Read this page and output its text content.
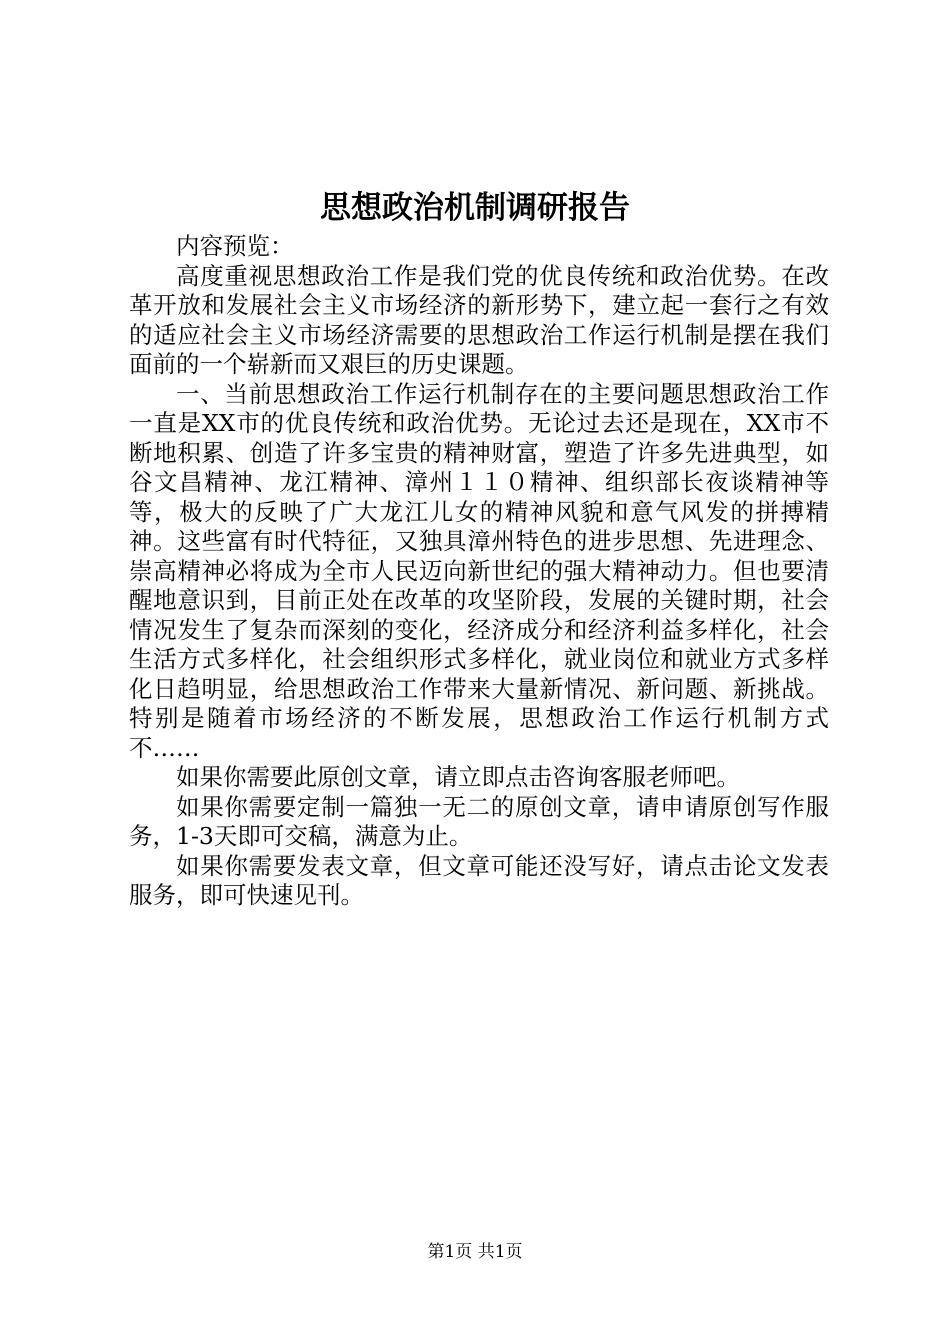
思想政治机制调研报告

内容预览：

高度重视思想政治工作是我们党的优良传统和政治优势。在改革开放和发展社会主义市场经济的新形势下，建立起一套行之有效的适应社会主义市场经济需要的思想政治工作运行机制是摆在我们面前的一个崭新而又艰巨的历史课题。

一、当前思想政治工作运行机制存在的主要问题思想政治工作一直是XX市的优良传统和政治优势。无论过去还是现在，XX市不断地积累、创造了许多宝贵的精神财富，塑造了许多先进典型，如谷文昌精神、龙江精神、漳州１１０精神、组织部长夜谈精神等等，极大的反映了广大龙江儿女的精神风貌和意气风发的拼搏精神。这些富有时代特征，又独具漳州特色的进步思想、先进理念、崇高精神必将成为全市人民迈向新世纪的强大精神动力。但也要清醒地意识到，目前正处在改革的攻坚阶段，发展的关键时期，社会情况发生了复杂而深刻的变化，经济成分和经济利益多样化，社会生活方式多样化，社会组织形式多样化，就业岗位和就业方式多样化日趋明显，给思想政治工作带来大量新情况、新问题、新挑战。特别是随着市场经济的不断发展，思想政治工作运行机制方式不……

如果你需要此原创文章，请立即点击咨询客服老师吧。

如果你需要定制一篇独一无二的原创文章，请申请原创写作服务，1-3天即可交稿，满意为止。

如果你需要发表文章，但文章可能还没写好，请点击论文发表服务，即可快速见刊。

第1页 共1页
